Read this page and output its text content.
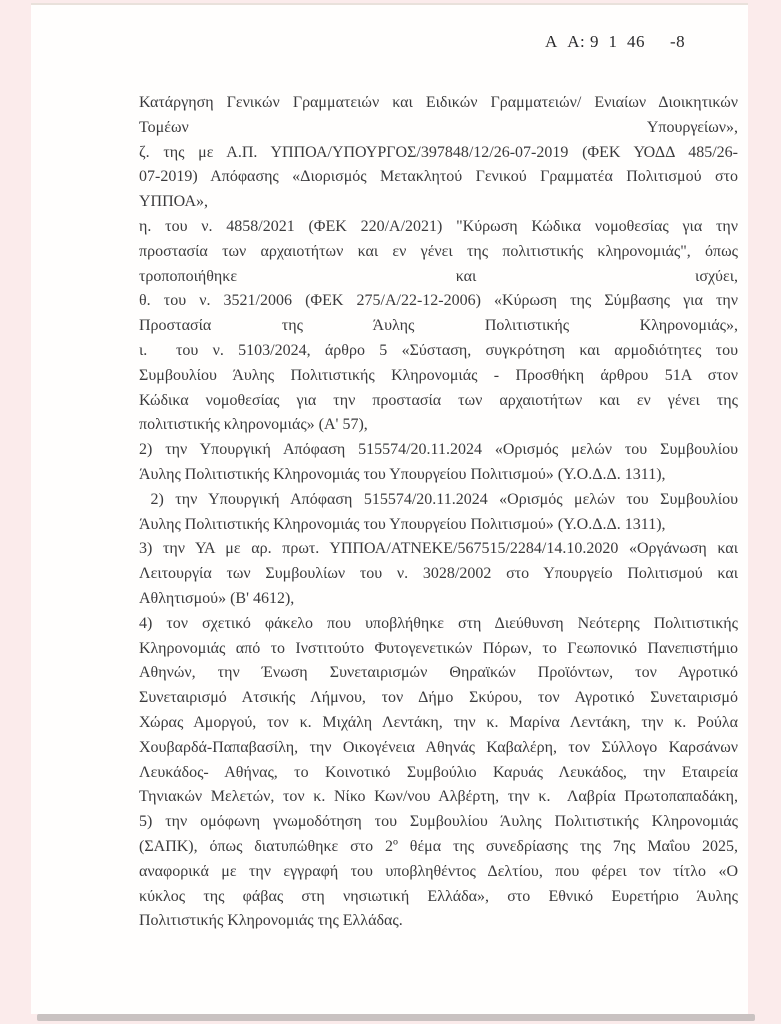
Α  Α: 9  1  46 -8
Κατάργηση Γενικών Γραμματειών και Ειδικών Γραμματειών/ Ενιαίων Διοικητικών
Τομέων Υπουργείων»,
ζ. της με Α.Π. ΥΠΠΟΑ/ΥΠΟΥΡΓΟΣ/397848/12/26-07-2019 (ΦΕΚ ΥΟΔΔ 485/26-
07-2019) Απόφασης «Διορισμός Μετακλητού Γενικού Γραμματέα Πολιτισμού στο
ΥΠΠΟΑ»,
η. του ν. 4858/2021 (ΦΕΚ 220/Α/2021) "Κύρωση Κώδικα νομοθεσίας για την
προστασία των αρχαιοτήτων και εν γένει της πολιτιστικής κληρονομιάς", όπως
τροποποιήθηκε και ισχύει,
θ. του ν. 3521/2006 (ΦΕΚ 275/Α/22-12-2006) «Κύρωση της Σύμβασης για την
Προστασία της Άυλης Πολιτιστικής Κληρονομιάς»,
ι.  του ν. 5103/2024, άρθρο 5 «Σύσταση, συγκρότηση και αρμοδιότητες του
Συμβουλίου Άυλης Πολιτιστικής Κληρονομιάς - Προσθήκη άρθρου 51Α στον
Κώδικα νομοθεσίας για την προστασία των αρχαιοτήτων και εν γένει της
πολιτιστικής κληρονομιάς» (Α' 57),
2) την Υπουργική Απόφαση 515574/20.11.2024 «Ορισμός μελών του Συμβουλίου
Άυλης Πολιτιστικής Κληρονομιάς του Υπουργείου Πολιτισμού» (Υ.Ο.Δ.Δ. 1311),
2) την Υπουργική Απόφαση 515574/20.11.2024 «Ορισμός μελών του Συμβουλίου
Άυλης Πολιτιστικής Κληρονομιάς του Υπουργείου Πολιτισμού» (Υ.Ο.Δ.Δ. 1311),
3) την ΥΑ με αρ. πρωτ. ΥΠΠΟΑ/ΑΤΝΕΚΕ/567515/2284/14.10.2020 «Οργάνωση και
Λειτουργία των Συμβουλίων του ν. 3028/2002 στο Υπουργείο Πολιτισμού και
Αθλητισμού» (Β' 4612),
4) τον σχετικό φάκελο που υποβλήθηκε στη Διεύθυνση Νεότερης Πολιτιστικής
Κληρονομιάς από το Ινστιτούτο Φυτογενετικών Πόρων, το Γεωπονικό Πανεπιστήμιο
Αθηνών, την Ένωση Συνεταιρισμών Θηραϊκών Προϊόντων, τον Αγροτικό
Συνεταιρισμό Ατσικής Λήμνου, τον Δήμο Σκύρου, τον Αγροτικό Συνεταιρισμό
Χώρας Αμοργού, τον κ. Μιχάλη Λεντάκη, την κ. Μαρίνα Λεντάκη, την κ. Ρούλα
Χουβαρδά-Παπαβασίλη, την Οικογένεια Αθηνάς Καβαλέρη, τον Σύλλογο Καρσάνων
Λευκάδος- Αθήνας, το Κοινοτικό Συμβούλιο Καρυάς Λευκάδος, την Εταιρεία
Τηνιακών Μελετών, τον κ. Νίκο Κων/νου Αλβέρτη, την κ.  Λαβρία Πρωτοπαπαδάκη,
5) την ομόφωνη γνωμοδότηση του Συμβουλίου Άυλης Πολιτιστικής Κληρονομιάς
(ΣΑΠΚ), όπως διατυπώθηκε στο 2º θέμα της συνεδρίασης της 7ης Μαΐου 2025,
αναφορικά με την εγγραφή του υποβληθέντος Δελτίου, που φέρει τον τίτλο «Ο
κύκλος της φάβας στη νησιωτική Ελλάδα», στο Εθνικό Ευρετήριο Άυλης
Πολιτιστικής Κληρονομιάς της Ελλάδας.
